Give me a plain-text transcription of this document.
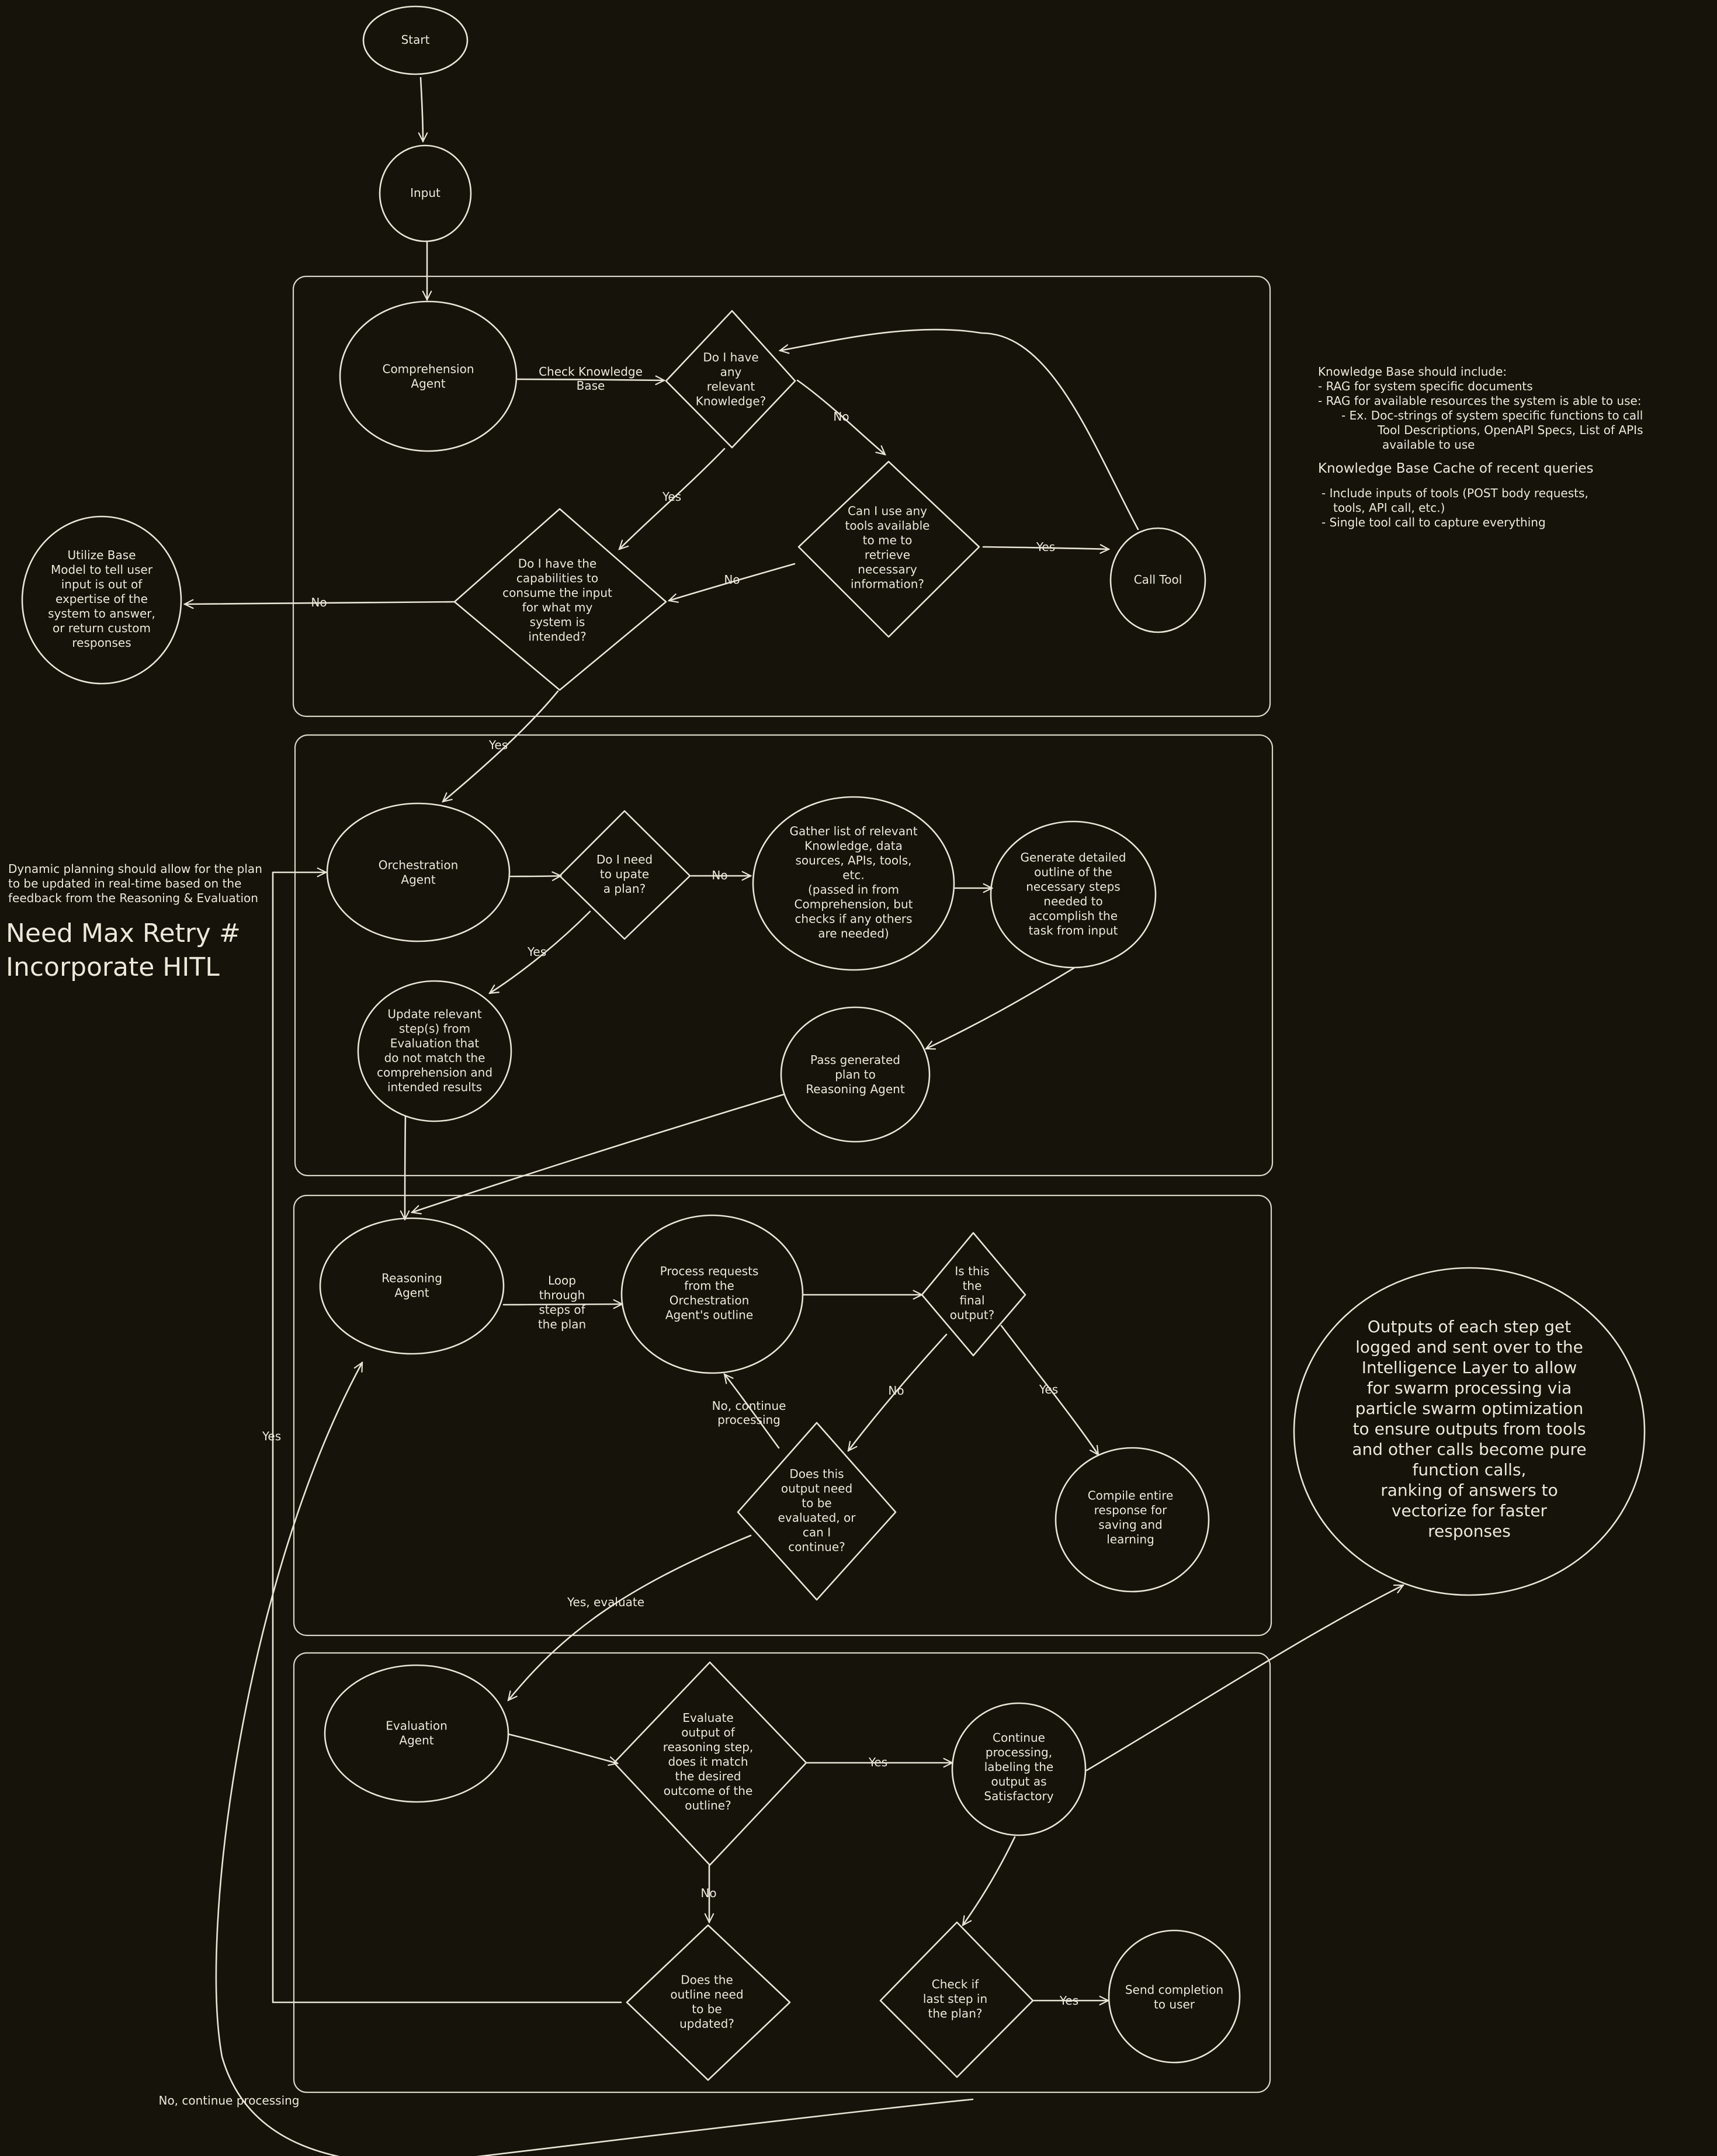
Start
Input
Comprehension
Agent
Do I have
any
relevant
Knowledge?
Can I use any
tools available
to me to
retrieve
necessary
information?	Call Tool
Do I have the
capabilities to
consume the input
for what my
system is
intended?
Utilize Base
Model to tell user
input is out of
expertise of the
system to answer,
or return custom
responses
Orchestration
Agent
Do I need
to upate
a plan?
Gather list of relevant
Knowledge, data
sources, APIs, tools,
etc.
(passed in from
Comprehension, but
checks if any others
are needed)
Generate detailed
outline of the
necessary steps
needed to
accomplish the
task from input
Update relevant
step(s) from
Evaluation that
do not match the
comprehension and
intended results
Pass generated
plan to
Reasoning Agent
Reasoning
Agent
Process requests
from the
Orchestration
Agent's outline
Is this
the
final
output?
Does this
output need
to be
evaluated, or
can I
continue?
Compile entire
response for
saving and
learning
Evaluation
Agent
Evaluate
output of
reasoning step,
does it match
the desired
outcome of the
outline?
Continue
processing,
labeling the
output as
Satisfactory
Does the
outline need
to be
updated?
Check if
last step in
the plan?
Send completion
to user
Outputs of each step get
logged and sent over to the
Intelligence Layer to allow
for swarm processing via
particle swarm optimization
to ensure outputs from tools
and other calls become pure
function calls,
ranking of answers to
vectorize for faster
responses
Check Knowledge
Base
No
Yes
Yes
No
No
Yes
No
Yes
Loop
through
steps of
the plan
No	Yes
No, continue
processing
Yes, evaluate
Yes
No
Yes
Yes
No, continue processing
Knowledge Base should include:
- RAG for system specific documents
- RAG for available resources the system is able to use:
- Ex. Doc-strings of system specific functions to call
Tool Descriptions, OpenAPI Specs, List of APIs
available to use
Knowledge Base Cache of recent queries
- Include inputs of tools (POST body requests,
tools, API call, etc.)
- Single tool call to capture everything
Dynamic planning should allow for the plan
to be updated in real-time based on the
feedback from the Reasoning & Evaluation
Need Max Retry #
Incorporate HITL
